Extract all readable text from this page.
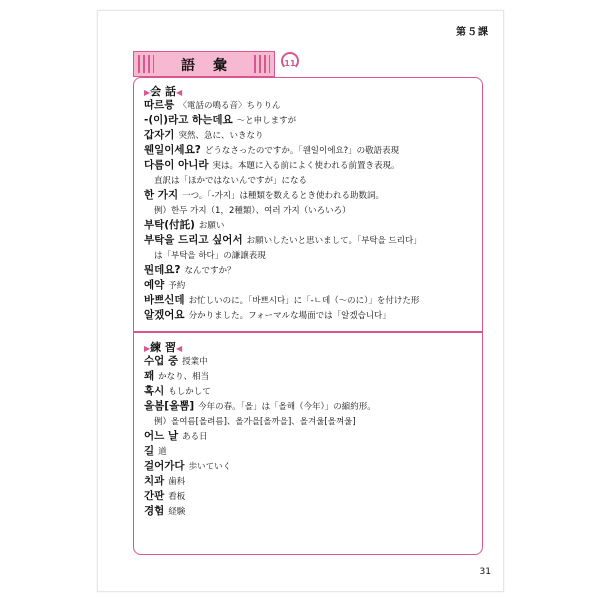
第５課
語彙	11
▶会 話◀
따르릉 〈電話の鳴る音〉ちりりん
-(이)라고 하는데요 ～と申しますが
갑자기 突然、急に、いきなり
웬일이세요? どうなさったのですか。「웬일이에요?」の敬語表現
다름이 아니라 実は。本題に入る前によく使われる前置き表現。
直訳は「ほかではないんですが」になる
한 가지 一つ。「-가지」は種類を数えるとき使われる助数詞。
例）한두 가지（1，2種類）、여러 가지（いろいろ）
부탁(付託) お願い
부탁을 드리고 싶어서 お願いしたいと思いまして。「부탁을 드리다」
は「부탁을 하다」の謙譲表現
뭔데요? なんですか？
예약 予約
바쁘신데 お忙しいのに。「바쁘시다」に「-ㄴ데（～のに）」を付けた形
알겠어요 分かりました。フォーマルな場面では「알겠습니다」
▶練 習◀
수업 중 授業中
꽤 かなり、相当
혹시 もしかして
올봄[올뽐] 今年の春。「올」は「올해（今年）」の縮約形。
例）올여름[올려름]、올가을[올까을]、올겨울[올껴울]
어느 날 ある日
길 道
걸어가다 歩いていく
치과 歯科
간판 看板
경험 経験
31
